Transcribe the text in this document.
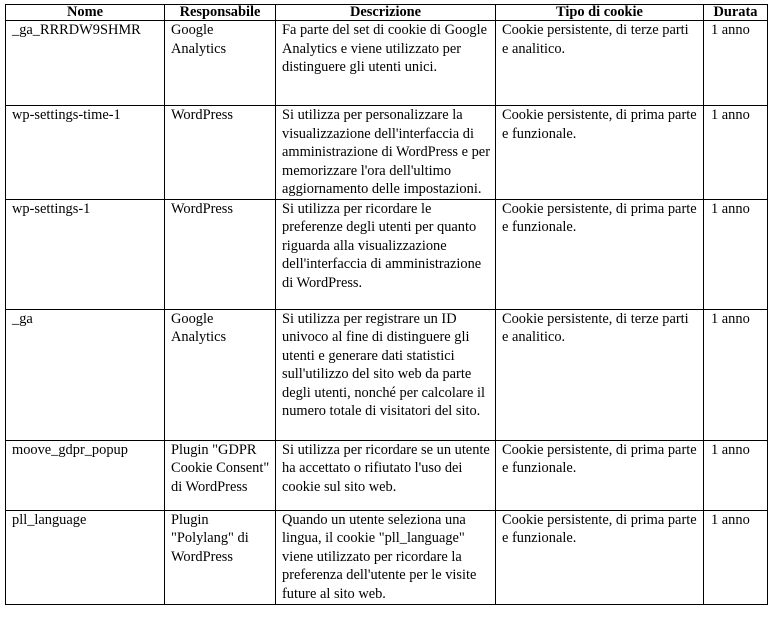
Nome	Responsabile	Descrizione	Tipo di cookie	Durata
_ga_RRRDW9SHMR	Google Analytics	Fa parte del set di cookie di Google Analytics e viene utilizzato per distinguere gli utenti unici.	Cookie persistente, di terze parti e analitico.	1 anno
wp-settings-time-1	WordPress	Si utilizza per personalizzare la visualizzazione dell'interfaccia di amministrazione di WordPress e per memorizzare l'ora dell'ultimo aggiornamento delle impostazioni.	Cookie persistente, di prima parte e funzionale.	1 anno
wp-settings-1	WordPress	Si utilizza per ricordare le preferenze degli utenti per quanto riguarda alla visualizzazione dell'interfaccia di amministrazione di WordPress.	Cookie persistente, di prima parte e funzionale.	1 anno
_ga	Google Analytics	Si utilizza per registrare un ID univoco al fine di distinguere gli utenti e generare dati statistici sull'utilizzo del sito web da parte degli utenti, nonché per calcolare il numero totale di visitatori del sito.	Cookie persistente, di terze parti e analitico.	1 anno
moove_gdpr_popup	Plugin "GDPR Cookie Consent" di WordPress	Si utilizza per ricordare se un utente ha accettato o rifiutato l'uso dei cookie sul sito web.	Cookie persistente, di prima parte e funzionale.	1 anno
pll_language	Plugin "Polylang" di WordPress	Quando un utente seleziona una lingua, il cookie "pll_language" viene utilizzato per ricordare la preferenza dell'utente per le visite future al sito web.	Cookie persistente, di prima parte e funzionale.	1 anno
